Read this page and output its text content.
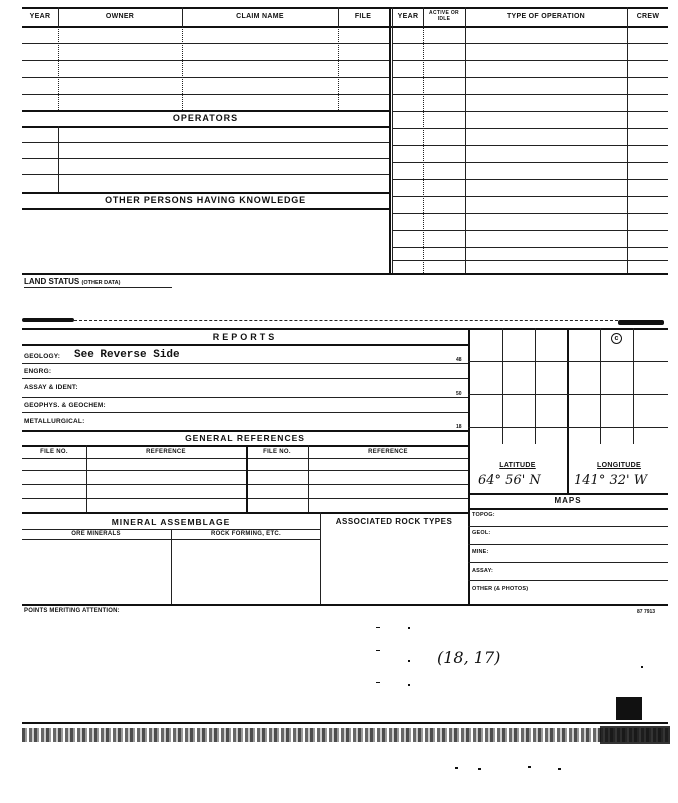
YEAR	OWNER	CLAIM NAME	FILE	YEAR	ACTIVE OR IDLE	TYPE OF OPERATION	CREW
OPERATORS
OTHER PERSONS HAVING KNOWLEDGE
LAND STATUS (OTHER DATA)
REPORTS
GEOLOGY: See Reverse Side	48
ENGRG:
ASSAY & IDENT:
50
GEOPHYS. & GEOCHEM:
METALLURGICAL:
18
GENERAL REFERENCES
FILE NO.	REFERENCE	FILE NO.	REFERENCE
MINERAL ASSEMBLAGE	ASSOCIATED ROCK TYPES
ORE MINERALS	ROCK FORMING, ETC.
c
LATITUDE	LONGITUDE
64° 56' N	141° 32' W
MAPS
TOPOG:
GEOL:
MINE:
ASSAY:
OTHER (& PHOTOS)
POINTS MERITING ATTENTION:	87 7913
(18, 17)
